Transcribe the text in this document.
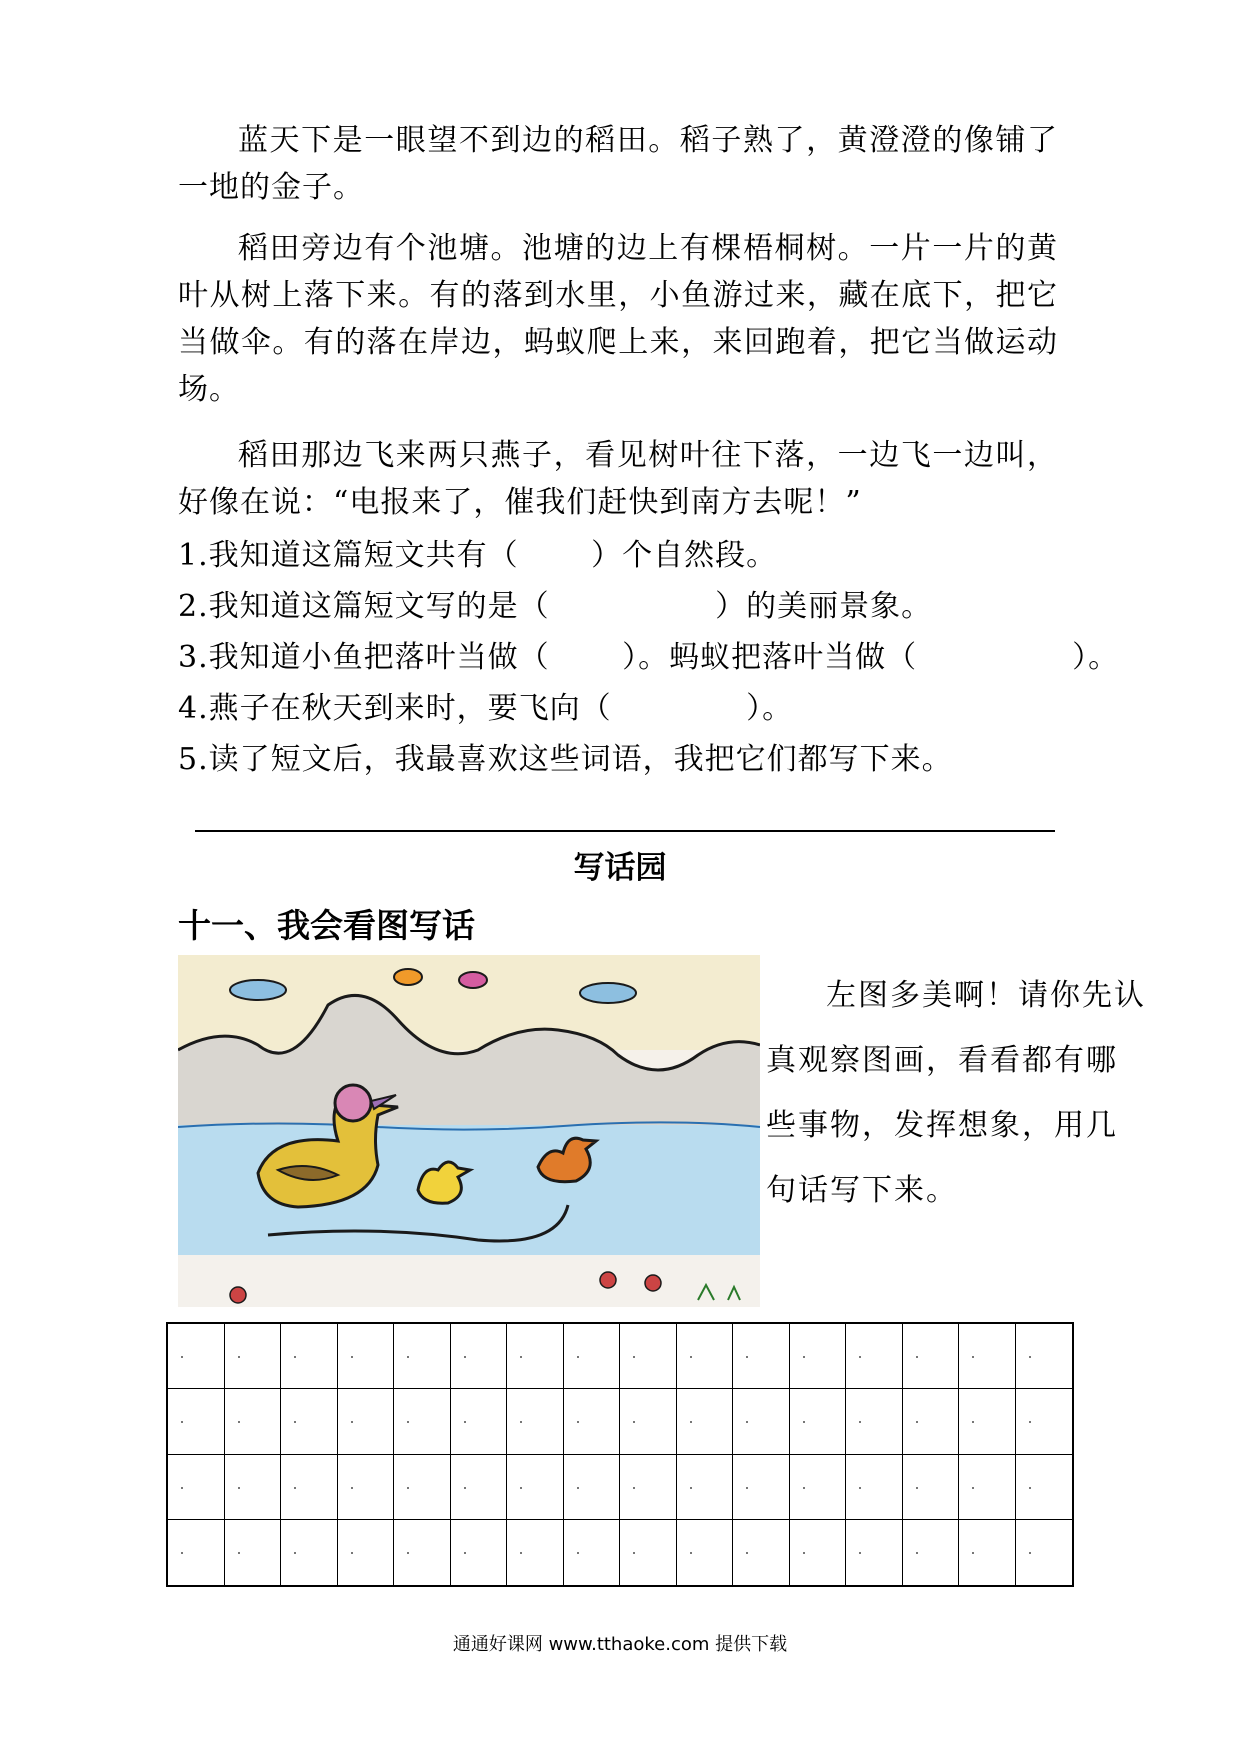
蓝天下是一眼望不到边的稻田。稻子熟了，黄澄澄的像铺了一地的金子。

稻田旁边有个池塘。池塘的边上有棵梧桐树。一片一片的黄叶从树上落下来。有的落到水里，小鱼游过来，藏在底下，把它当做伞。有的落在岸边，蚂蚁爬上来，来回跑着，把它当做运动场。

稻田那边飞来两只燕子，看见树叶往下落，一边飞一边叫，好像在说：“电报来了，催我们赶快到南方去呢！”

1.我知道这篇短文共有（　　 ）个自然段。

2.我知道这篇短文写的是（　　　　　 ）的美丽景象。

3.我知道小鱼把落叶当做（　　 ）。蚂蚁把落叶当做（　　　　　）。

4.燕子在秋天到来时，要飞向（　　　　 ）。

5.读了短文后，我最喜欢这些词语，我把它们都写下来。

写话园
十一、我会看图写话

左图多美啊！请你先认真观察图画，看看都有哪些事物，发挥想象，用几句话写下来。

通通好课网 www.tthaoke.com 提供下载
